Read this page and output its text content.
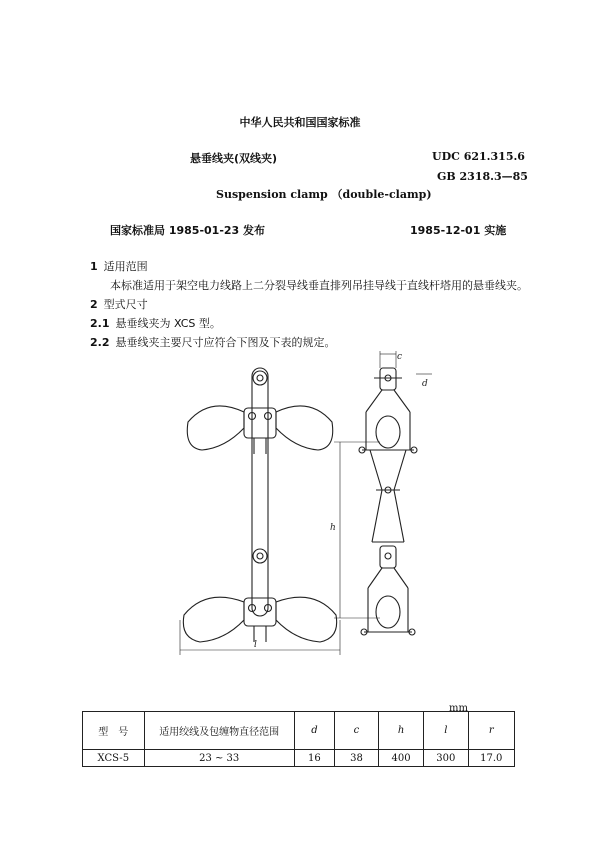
中华人民共和国国家标准
悬垂线夹(双线夹)	UDC 621.315.6
GB 2318.3—85
Suspension clamp （double-clamp)
国家标准局 1985-01-23 发布	1985-12-01 实施
1 适用范围
本标准适用于架空电力线路上二分裂导线垂直排列吊挂导线于直线杆塔用的悬垂线夹。
2 型式尺寸
2.1 悬垂线夹为 XCS 型。
2.2 悬垂线夹主要尺寸应符合下图及下表的规定。
l
c
d
h
mm
型　号	适用绞线及包缠物直径范围	d	c	h	l	r
XCS-5	23 ~ 33	16	38	400	300	17.0
